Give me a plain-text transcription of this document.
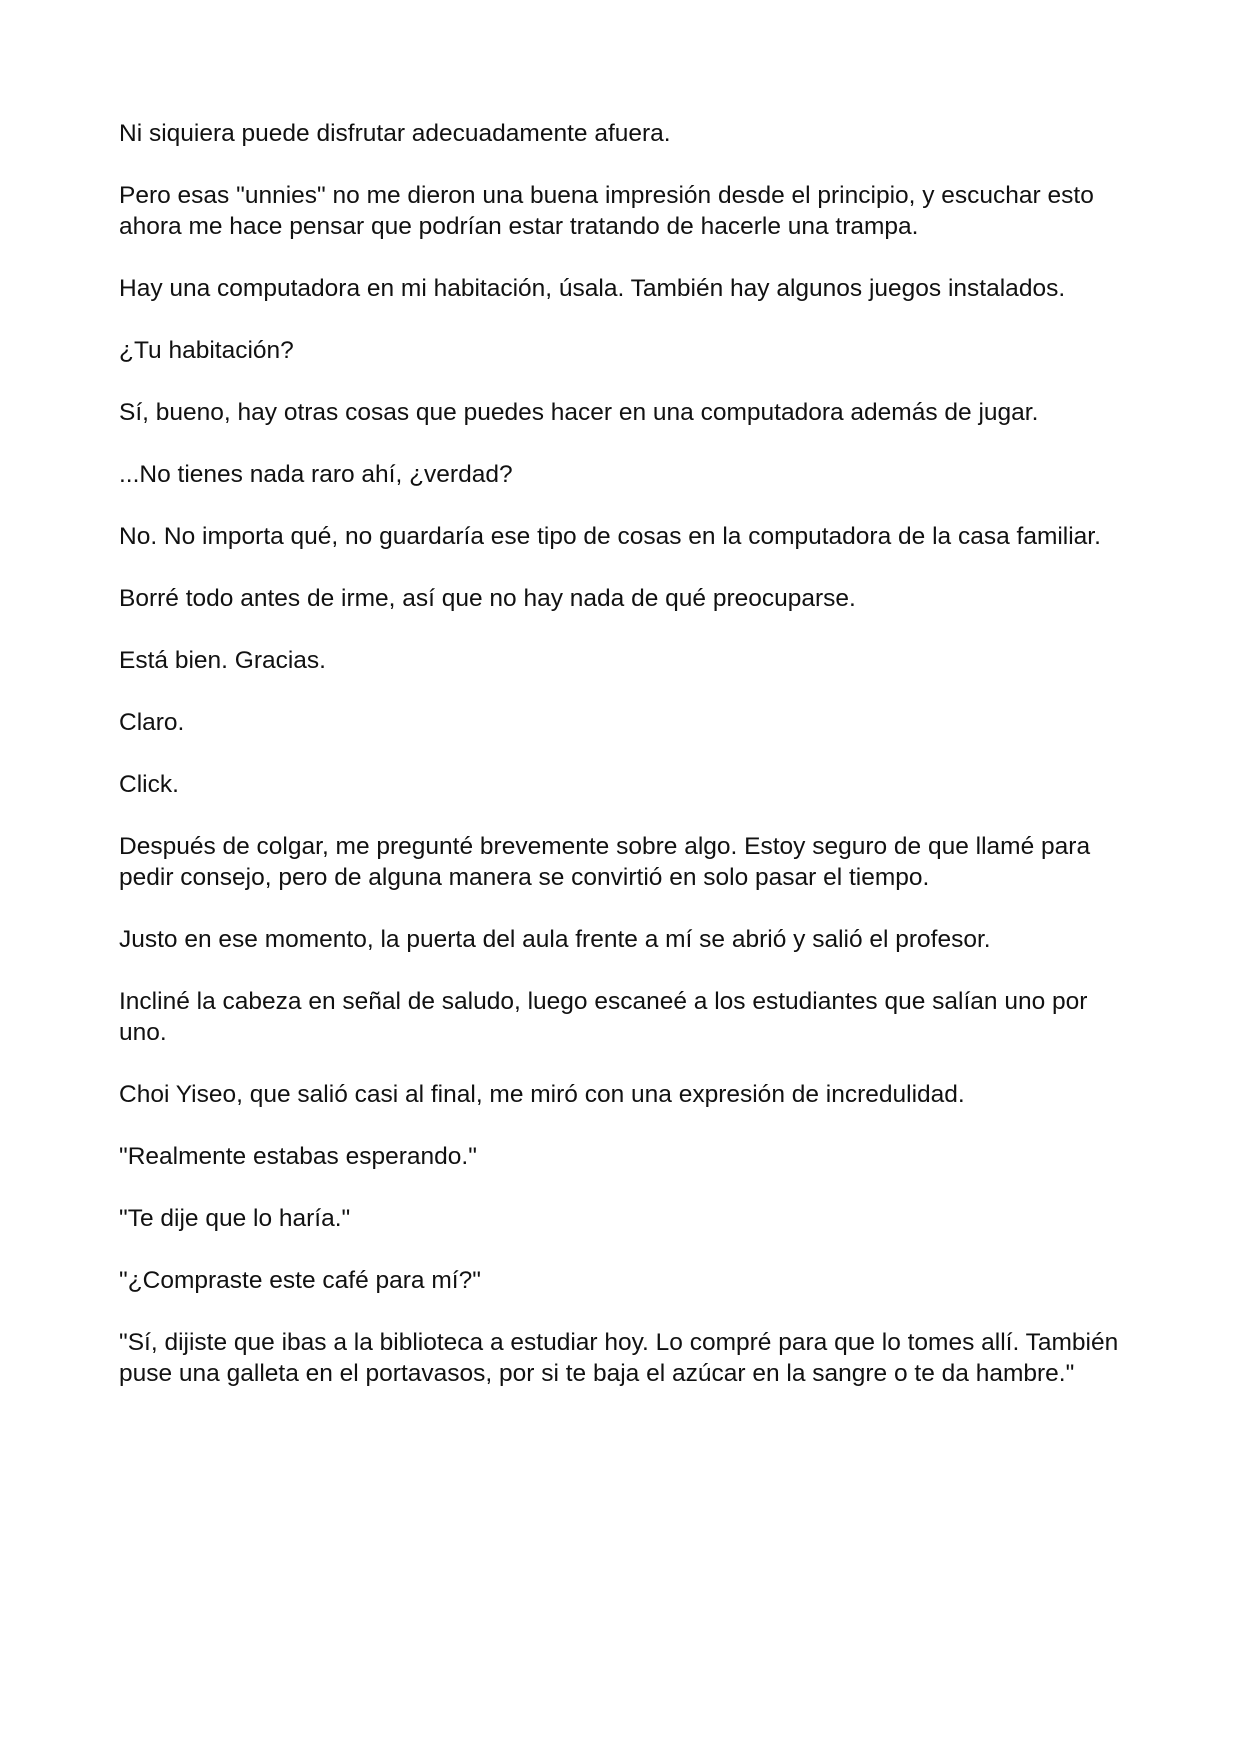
Ni siquiera puede disfrutar adecuadamente afuera.

Pero esas "unnies" no me dieron una buena impresión desde el principio, y escuchar esto ahora me hace pensar que podrían estar tratando de hacerle una trampa.

Hay una computadora en mi habitación, úsala. También hay algunos juegos instalados.

¿Tu habitación?

Sí, bueno, hay otras cosas que puedes hacer en una computadora además de jugar.

...No tienes nada raro ahí, ¿verdad?

No. No importa qué, no guardaría ese tipo de cosas en la computadora de la casa familiar.

Borré todo antes de irme, así que no hay nada de qué preocuparse.

Está bien. Gracias.

Claro.

Click.

Después de colgar, me pregunté brevemente sobre algo. Estoy seguro de que llamé para pedir consejo, pero de alguna manera se convirtió en solo pasar el tiempo.

Justo en ese momento, la puerta del aula frente a mí se abrió y salió el profesor.

Incliné la cabeza en señal de saludo, luego escaneé a los estudiantes que salían uno por uno.

Choi Yiseo, que salió casi al final, me miró con una expresión de incredulidad.

"Realmente estabas esperando."

"Te dije que lo haría."

"¿Compraste este café para mí?"

"Sí, dijiste que ibas a la biblioteca a estudiar hoy. Lo compré para que lo tomes allí. También puse una galleta en el portavasos, por si te baja el azúcar en la sangre o te da hambre."
